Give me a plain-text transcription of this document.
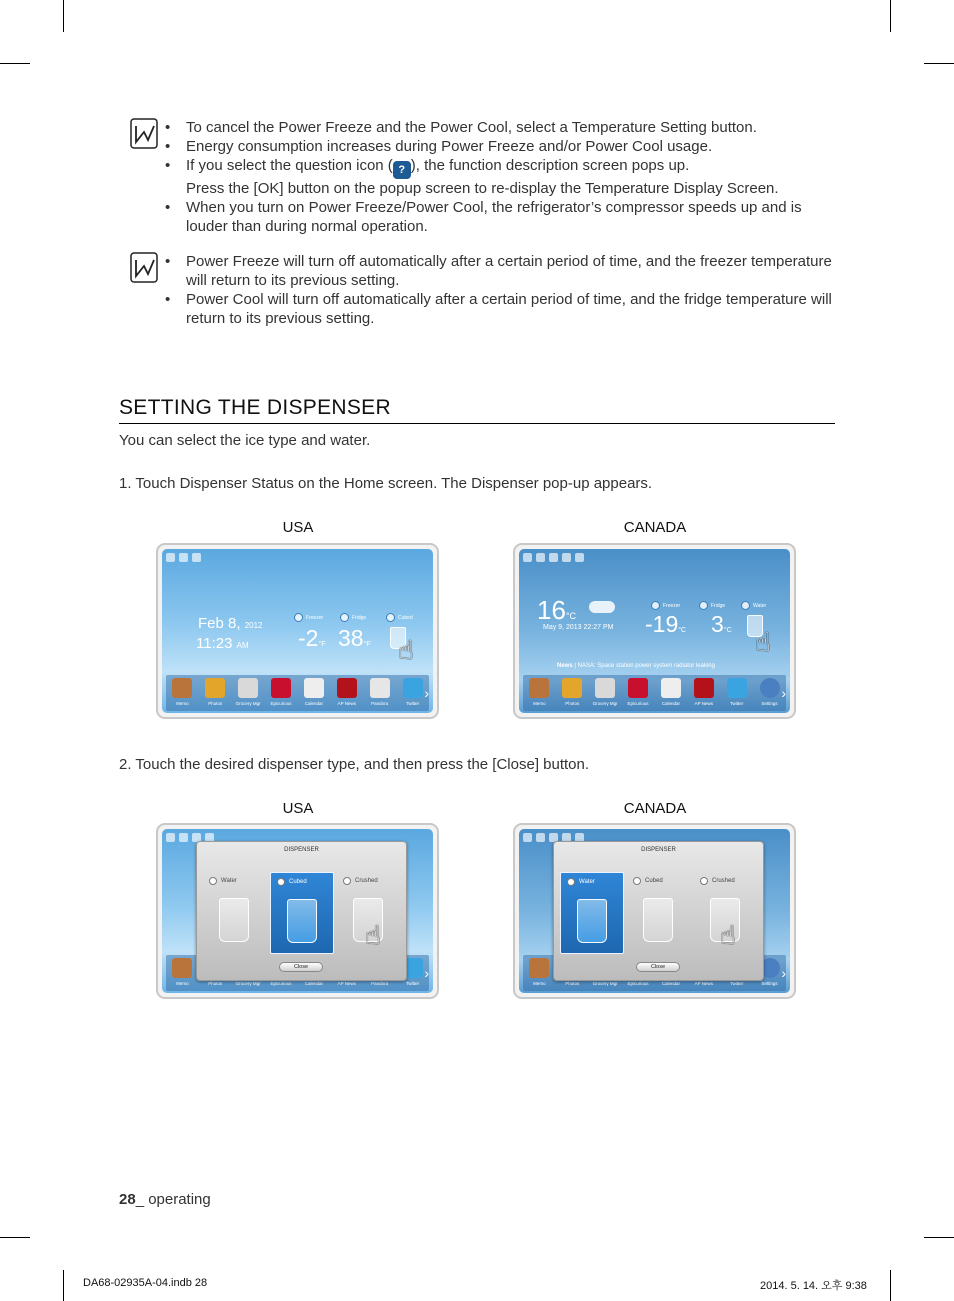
• To cancel the Power Freeze and the Power Cool, select a Temperature Setting button.
• Energy consumption increases during Power Freeze and/or Power Cool usage.
• If you select the question icon ( ? ), the function description screen pops up.
Press the [OK] button on the popup screen to re-display the Temperature Display Screen.
• When you turn on Power Freeze/Power Cool, the refrigerator’s compressor speeds up and is louder than during normal operation.
• Power Freeze will turn off automatically after a certain period of time, and the freezer temperature will return to its previous setting.
• Power Cool will turn off automatically after a certain period of time, and the fridge temperature will return to its previous setting.
SETTING THE DISPENSER
You can select the ice type and water.
1. Touch Dispenser Status on the Home screen. The Dispenser pop-up appears.
USA	CANADA
Feb 8, 2012
11:23 AM
Freezer	Fridge	Cubed
-2°F 38°F ☝
Memo	Photos	Grocery Mgr Epicurious	Calendar	AP News	Pandora	Twitter
›
16°C
May 9, 2013 22:27 PM
Freezer	Fridge	Water
-19°C 3°C ☝
News | NASA: Space station power system radiator leaking
Memo	Photos	Grocery Mgr Epicurious	Calendar	AP News	Twitter	Settings
›
2. Touch the desired dispenser type, and then press the [Close] button.
USA	CANADA
Memo	Photos	Grocery Mgr Epicurious	Calendar	AP News	Pandora	Twitter
›
DISPENSER
Water	Cubed	Crushed
☝
Close
Memo	Photos	Grocery Mgr Epicurious	Calendar	AP News	Twitter	Settings
›
DISPENSER
Water	Cubed	Crushed
☝
Close
28_ operating
DA68-02935A-04.indb 28	2014. 5. 14. 오후 9:38
